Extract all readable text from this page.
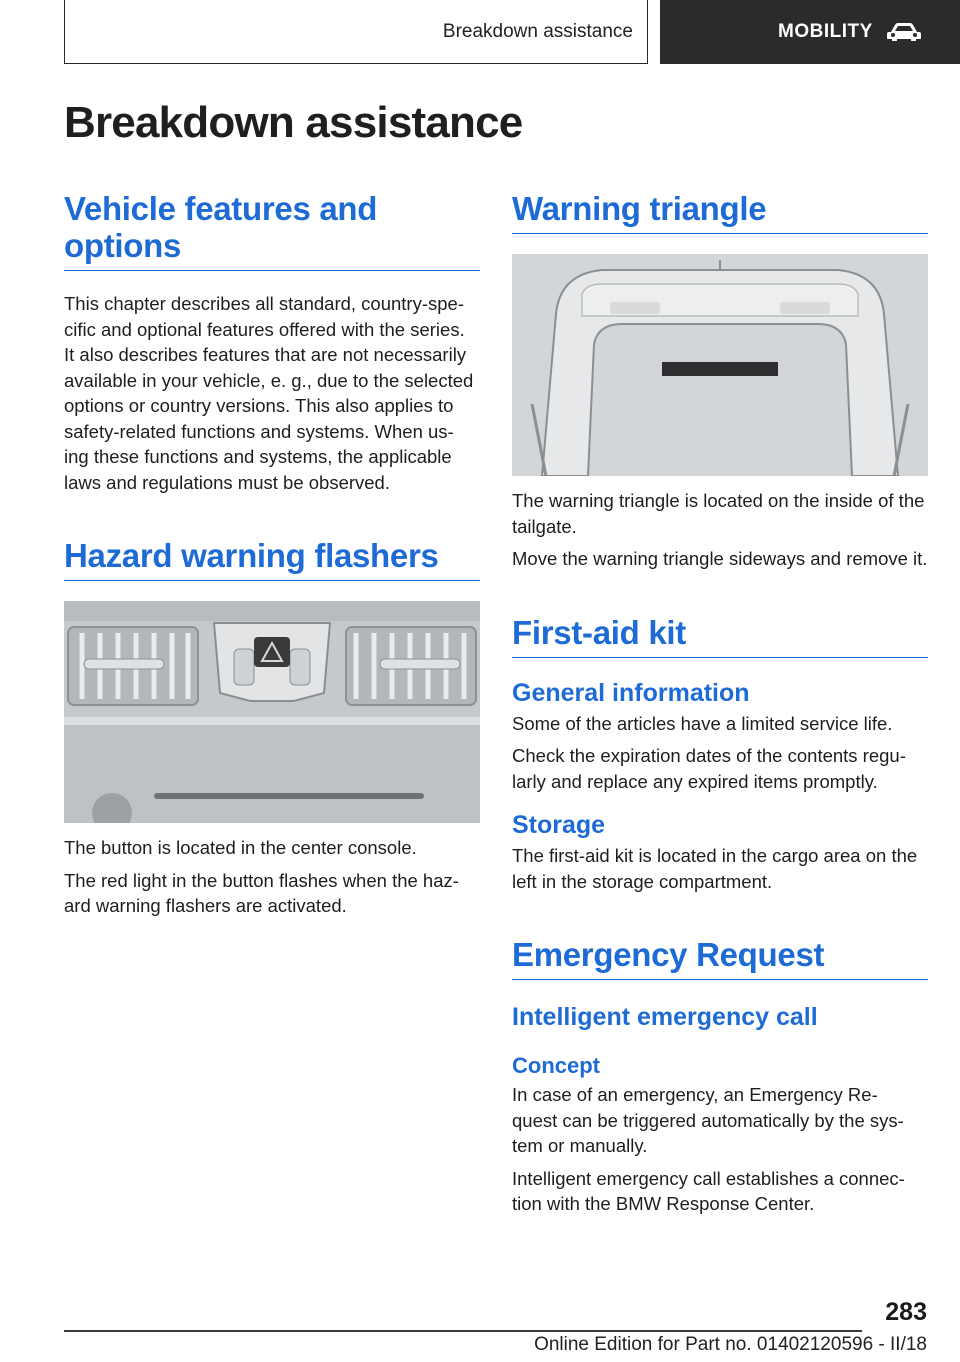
Breakdown assistance	MOBILITY
Breakdown assistance
Vehicle features and options

This chapter describes all standard, country-spe- cific and optional features offered with the series. It also describes features that are not necessarily available in your vehicle, e. g., due to the selected options or country versions. This also applies to safety-related functions and systems. When us- ing these functions and systems, the applicable laws and regulations must be observed.

Hazard warning flashers

The button is located in the center console.

The red light in the button flashes when the haz- ard warning flashers are activated.

Warning triangle

The warning triangle is located on the inside of the tailgate.

Move the warning triangle sideways and remove it.

First-aid kit
General information

Some of the articles have a limited service life.

Check the expiration dates of the contents regu- larly and replace any expired items promptly.

Storage

The first-aid kit is located in the cargo area on the left in the storage compartment.

Emergency Request
Intelligent emergency call
Concept

In case of an emergency, an Emergency Re- quest can be triggered automatically by the sys- tem or manually.

Intelligent emergency call establishes a connec- tion with the BMW Response Center.

283
Online Edition for Part no. 01402120596 - II/18
